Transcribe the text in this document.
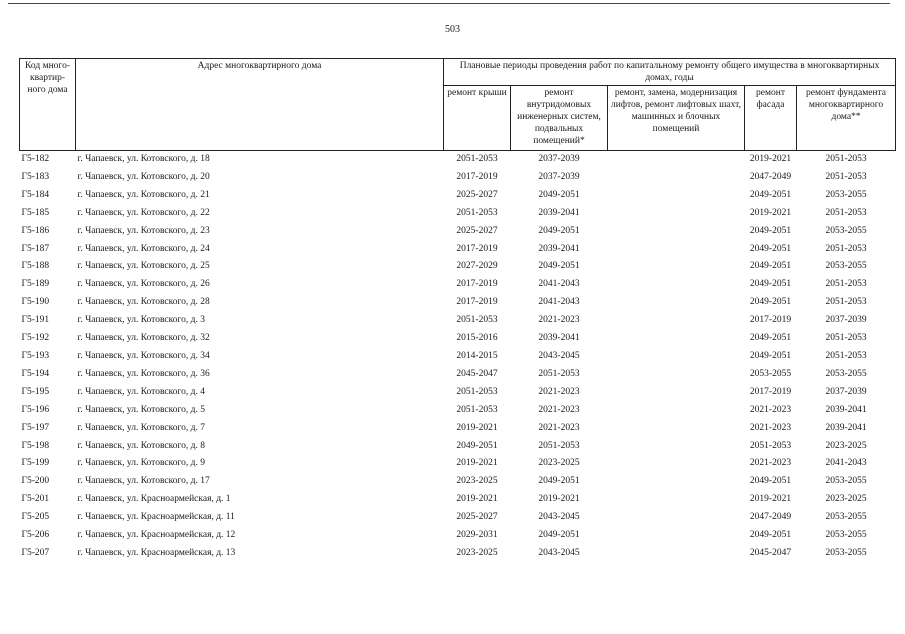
503
Код много-квартир-ного дома	Адрес многоквартирного дома	Плановые периоды проведения работ по капитальному ремонту общего имущества в многоквартирных домах, годы				
		ремонт крыши	ремонт внутридомовых инженерных систем, подвальных помещений*	ремонт, замена, модернизация лифтов, ремонт лифтовых шахт, машинных и блочных помещений	ремонт фасада	ремонт фундамента многоквартирного дома**
Г5-182	г. Чапаевск, ул. Котовского, д. 18	2051-2053	2037-2039		2019-2021	2051-2053
Г5-183	г. Чапаевск, ул. Котовского, д. 20	2017-2019	2037-2039		2047-2049	2051-2053
Г5-184	г. Чапаевск, ул. Котовского, д. 21	2025-2027	2049-2051		2049-2051	2053-2055
Г5-185	г. Чапаевск, ул. Котовского, д. 22	2051-2053	2039-2041		2019-2021	2051-2053
Г5-186	г. Чапаевск, ул. Котовского, д. 23	2025-2027	2049-2051		2049-2051	2053-2055
Г5-187	г. Чапаевск, ул. Котовского, д. 24	2017-2019	2039-2041		2049-2051	2051-2053
Г5-188	г. Чапаевск, ул. Котовского, д. 25	2027-2029	2049-2051		2049-2051	2053-2055
Г5-189	г. Чапаевск, ул. Котовского, д. 26	2017-2019	2041-2043		2049-2051	2051-2053
Г5-190	г. Чапаевск, ул. Котовского, д. 28	2017-2019	2041-2043		2049-2051	2051-2053
Г5-191	г. Чапаевск, ул. Котовского, д. 3	2051-2053	2021-2023		2017-2019	2037-2039
Г5-192	г. Чапаевск, ул. Котовского, д. 32	2015-2016	2039-2041		2049-2051	2051-2053
Г5-193	г. Чапаевск, ул. Котовского, д. 34	2014-2015	2043-2045		2049-2051	2051-2053
Г5-194	г. Чапаевск, ул. Котовского, д. 36	2045-2047	2051-2053		2053-2055	2053-2055
Г5-195	г. Чапаевск, ул. Котовского, д. 4	2051-2053	2021-2023		2017-2019	2037-2039
Г5-196	г. Чапаевск, ул. Котовского, д. 5	2051-2053	2021-2023		2021-2023	2039-2041
Г5-197	г. Чапаевск, ул. Котовского, д. 7	2019-2021	2021-2023		2021-2023	2039-2041
Г5-198	г. Чапаевск, ул. Котовского, д. 8	2049-2051	2051-2053		2051-2053	2023-2025
Г5-199	г. Чапаевск, ул. Котовского, д. 9	2019-2021	2023-2025		2021-2023	2041-2043
Г5-200	г. Чапаевск, ул. Котовского, д. 17	2023-2025	2049-2051		2049-2051	2053-2055
Г5-201	г. Чапаевск, ул. Красноармейская, д. 1	2019-2021	2019-2021		2019-2021	2023-2025
Г5-205	г. Чапаевск, ул. Красноармейская, д. 11	2025-2027	2043-2045		2047-2049	2053-2055
Г5-206	г. Чапаевск, ул. Красноармейская, д. 12	2029-2031	2049-2051		2049-2051	2053-2055
Г5-207	г. Чапаевск, ул. Красноармейская, д. 13	2023-2025	2043-2045		2045-2047	2053-2055
